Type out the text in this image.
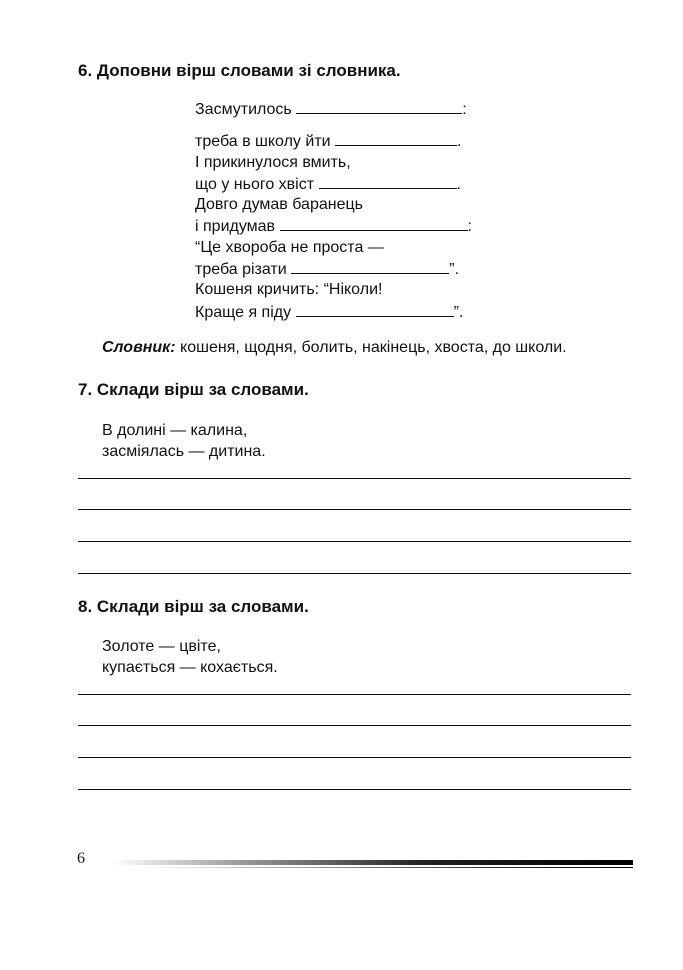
6. Доповни вірш словами зі словника.
Засмутилось	:
треба в школу йти	.
І прикинулося вмить,
що у нього хвіст	.
Довго думав баранець
і придумав	:
“Це хвороба не проста —
треба різати	”.
Кошеня кричить: “Ніколи!
Краще я піду	”.
Словник: кошеня, щодня, болить, накінець, хвоста, до школи.
7. Склади вірш за словами.
В долині — калина,
засміялась — дитина.
8. Склади вірш за словами.
Золоте — цвіте,
купається — кохається.
6
